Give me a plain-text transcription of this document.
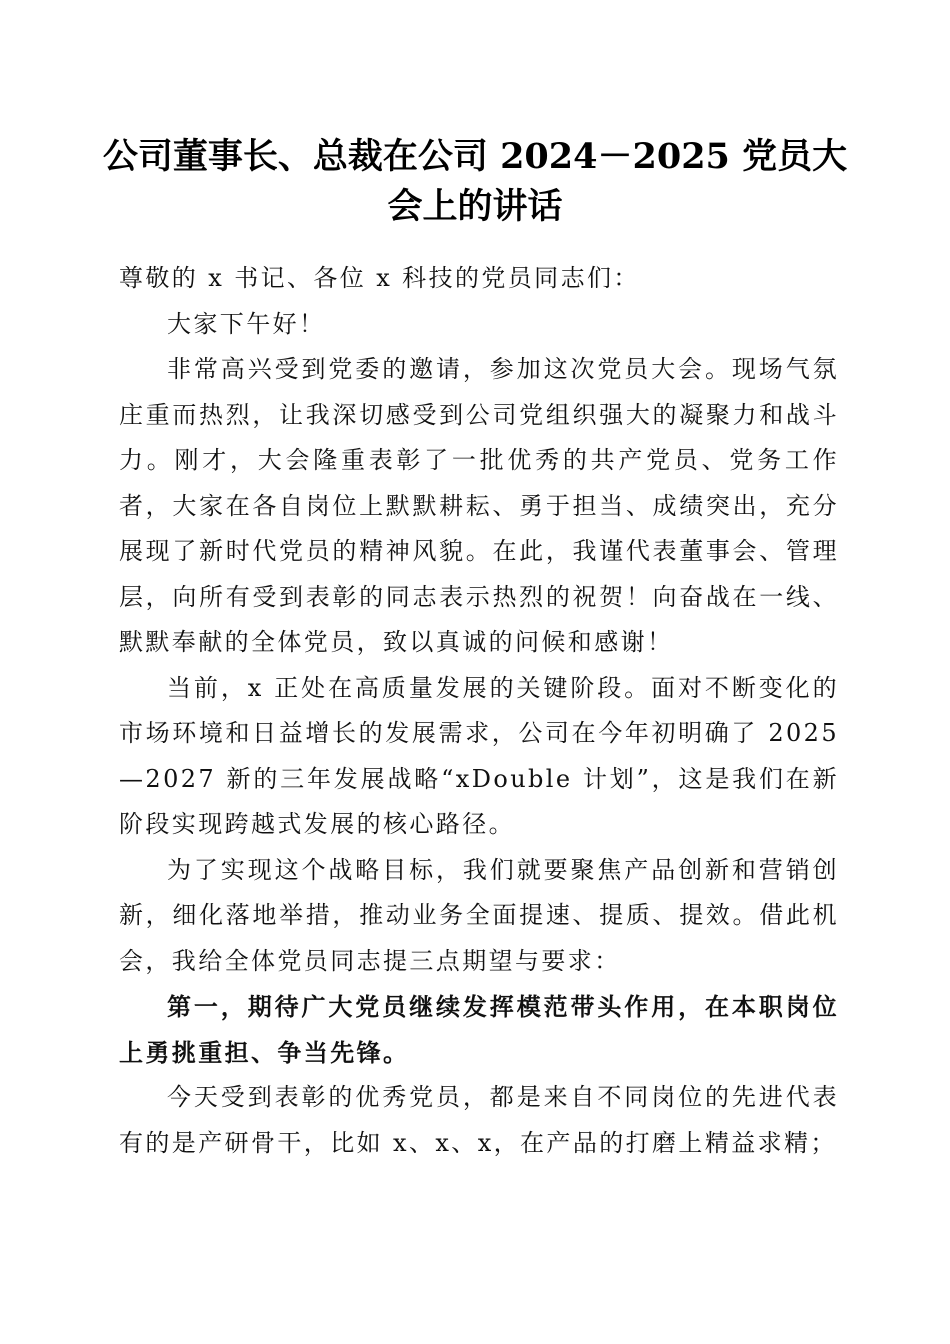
公司董事长、总裁在公司 2024－2025 党员大会上的讲话

尊敬的 x 书记、各位 x 科技的党员同志们：

大家下午好！

非常高兴受到党委的邀请，参加这次党员大会。现场气氛庄重而热烈，让我深切感受到公司党组织强大的凝聚力和战斗力。刚才，大会隆重表彰了一批优秀的共产党员、党务工作者，大家在各自岗位上默默耕耘、勇于担当、成绩突出，充分展现了新时代党员的精神风貌。在此，我谨代表董事会、管理层，向所有受到表彰的同志表示热烈的祝贺！向奋战在一线、默默奉献的全体党员，致以真诚的问候和感谢！

当前，x 正处在高质量发展的关键阶段。面对不断变化的市场环境和日益增长的发展需求，公司在今年初明确了 2025—2027 新的三年发展战略“xDouble 计划”，这是我们在新阶段实现跨越式发展的核心路径。

为了实现这个战略目标，我们就要聚焦产品创新和营销创新，细化落地举措，推动业务全面提速、提质、提效。借此机会，我给全体党员同志提三点期望与要求：

第一，期待广大党员继续发挥模范带头作用，在本职岗位上勇挑重担、争当先锋。

今天受到表彰的优秀党员，都是来自不同岗位的先进代表有的是产研骨干，比如 x、x、x，在产品的打磨上精益求精；
